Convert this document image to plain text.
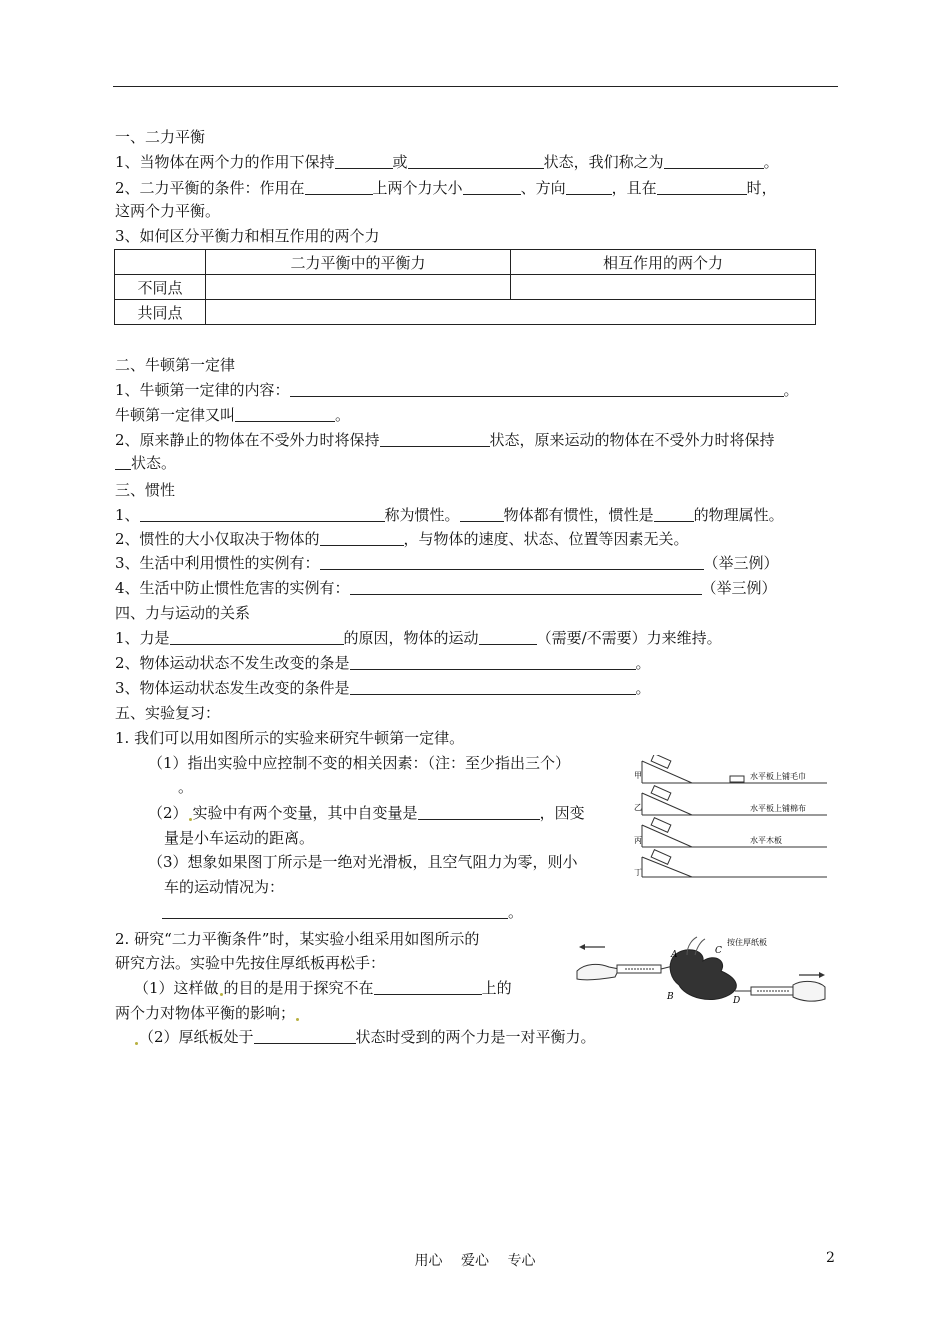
一、二力平衡
1、当物体在两个力的作用下保持	或	状态，我们称之为	。
2、二力平衡的条件：作用在	上两个力大小	、方向	，且在	时，
这两个力平衡。
3、如何区分平衡力和相互作用的两个力
	二力平衡中的平衡力	相互作用的两个力
不同点		
共同点		
二、牛顿第一定律
1、牛顿第一定律的内容：	。
牛顿第一定律又叫	。
2、原来静止的物体在不受外力时将保持	状态，原来运动的物体在不受外力时将保持
状态。
三、惯性
1、	称为惯性。	物体都有惯性，惯性是	的物理属性。
2、惯性的大小仅取决于物体的	，与物体的速度、状态、位置等因素无关。
3、生活中利用惯性的实例有：	（举三例）
4、生活中防止惯性危害的实例有：	（举三例）
四、力与运动的关系
1、力是	的原因，物体的运动	（需要/不需要）力来维持。
2、物体运动状态不发生改变的条是	。
3、物体运动状态发生改变的条件是	。
五、实验复习：
1. 我们可以用如图所示的实验来研究牛顿第一定律。
（1）指出实验中应控制不变的相关因素：（注：至少指出三个）
。
（2） 实验中有两个变量，其中自变量是	，因变
量是小车运动的距离。
（3）想象如果图丁所示是一绝对光滑板，且空气阻力为零，则小
车的运动情况为：
。
甲	水平板上铺毛巾
乙	水平板上铺棉布
丙	水平木板
丁
2. 研究“二力平衡条件”时，某实验小组采用如图所示的
研究方法。实验中先按住厚纸板再松手：
（1）这样做 的目的是用于探究不在	上的
两个力对物体平衡的影响；
（2）厚纸板处于	状态时受到的两个力是一对平衡力。
A
B
C
D
按住厚纸板
用心 爱心 专心	2
